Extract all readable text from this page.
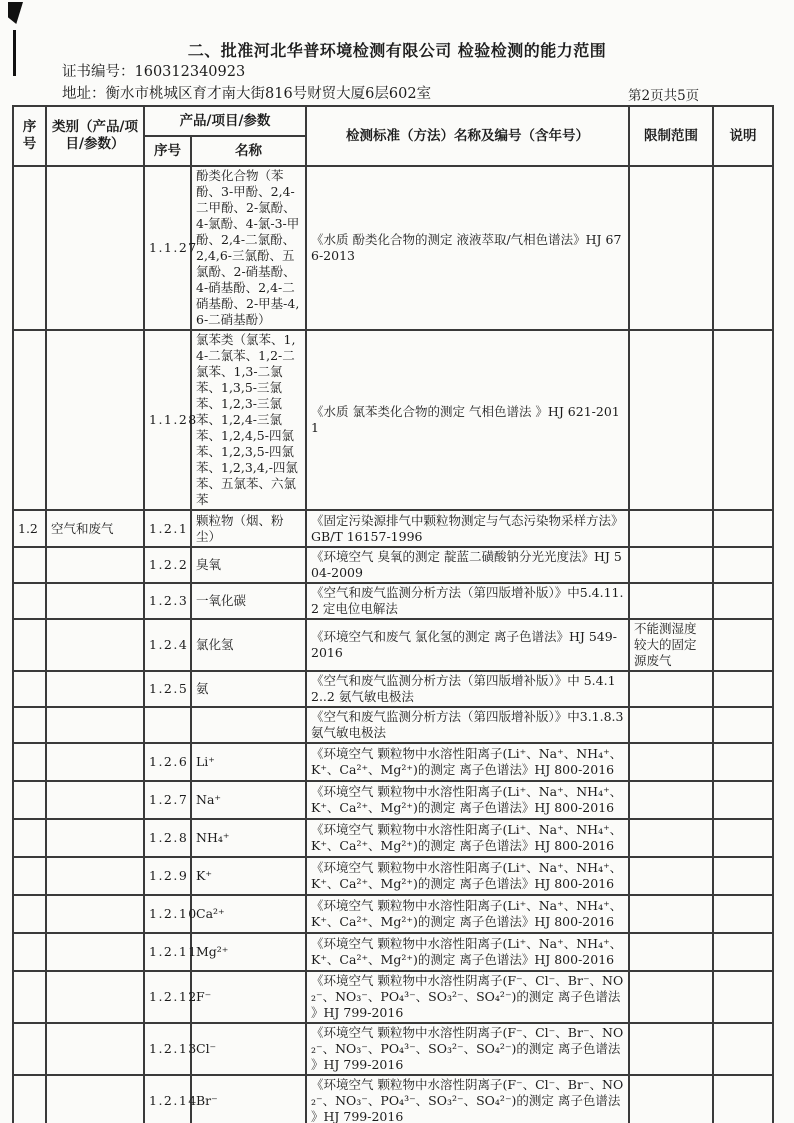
二、批准河北华普环境检测有限公司 检验检测的能力范围
证书编号：160312340923
地址：衡水市桃城区育才南大街816号财贸大厦6层602室	第2页共5页
序号	类别（产品/项目/参数）	产品/项目/参数		检测标准（方法）名称及编号（含年号）	限制范围	说明
		序号	名称			
		1.1.27	酚类化合物（苯酚、3-甲酚、2,4-二甲酚、2-氯酚、4-氯酚、4-氯-3-甲酚、2,4-二氯酚、2,4,6-三氯酚、五氯酚、2-硝基酚、4-硝基酚、2,4-二硝基酚、2-甲基-4,6-二硝基酚）	《水质 酚类化合物的测定 液液萃取/气相色谱法》HJ 676-2013		
		1.1.28	氯苯类（氯苯、1,4-二氯苯、1,2-二氯苯、1,3-二氯苯、1,3,5-三氯苯、1,2,3-三氯苯、1,2,4-三氯苯、1,2,4,5-四氯苯、1,2,3,5-四氯苯、1,2,3,4,-四氯苯、五氯苯、六氯苯	《水质 氯苯类化合物的测定 气相色谱法 》HJ 621-2011		
1.2	空气和废气	1.2.1	颗粒物（烟、粉尘）	《固定污染源排气中颗粒物测定与气态污染物采样方法》GB/T 16157-1996		
		1.2.2	臭氧	《环境空气 臭氧的测定 靛蓝二磺酸钠分光光度法》HJ 504-2009		
		1.2.3	一氧化碳	《空气和废气监测分析方法（第四版增补版）》中5.4.11.2 定电位电解法		
		1.2.4	氯化氢	《环境空气和废气 氯化氢的测定 离子色谱法》HJ 549-2016	不能测湿度较大的固定源废气	
		1.2.5	氨	《空气和废气监测分析方法（第四版增补版）》中 5.4.12..2 氨气敏电极法		
				《空气和废气监测分析方法（第四版增补版）》中3.1.8.3 氨气敏电极法		
		1.2.6	Li⁺	《环境空气 颗粒物中水溶性阳离子(Li⁺、Na⁺、NH₄⁺、K⁺、Ca²⁺、Mg²⁺)的测定 离子色谱法》HJ 800-2016		
		1.2.7	Na⁺	《环境空气 颗粒物中水溶性阳离子(Li⁺、Na⁺、NH₄⁺、K⁺、Ca²⁺、Mg²⁺)的测定 离子色谱法》HJ 800-2016		
		1.2.8	NH₄⁺	《环境空气 颗粒物中水溶性阳离子(Li⁺、Na⁺、NH₄⁺、K⁺、Ca²⁺、Mg²⁺)的测定 离子色谱法》HJ 800-2016		
		1.2.9	K⁺	《环境空气 颗粒物中水溶性阳离子(Li⁺、Na⁺、NH₄⁺、K⁺、Ca²⁺、Mg²⁺)的测定 离子色谱法》HJ 800-2016		
		1.2.10	Ca²⁺	《环境空气 颗粒物中水溶性阳离子(Li⁺、Na⁺、NH₄⁺、K⁺、Ca²⁺、Mg²⁺)的测定 离子色谱法》HJ 800-2016		
		1.2.11	Mg²⁺	《环境空气 颗粒物中水溶性阳离子(Li⁺、Na⁺、NH₄⁺、K⁺、Ca²⁺、Mg²⁺)的测定 离子色谱法》HJ 800-2016		
		1.2.12	F⁻	《环境空气 颗粒物中水溶性阴离子(F⁻、Cl⁻、Br⁻、NO₂⁻、NO₃⁻、PO₄³⁻、SO₃²⁻、SO₄²⁻)的测定 离子色谱法 》HJ 799-2016		
		1.2.13	Cl⁻	《环境空气 颗粒物中水溶性阴离子(F⁻、Cl⁻、Br⁻、NO₂⁻、NO₃⁻、PO₄³⁻、SO₃²⁻、SO₄²⁻)的测定 离子色谱法 》HJ 799-2016		
		1.2.14	Br⁻	《环境空气 颗粒物中水溶性阴离子(F⁻、Cl⁻、Br⁻、NO₂⁻、NO₃⁻、PO₄³⁻、SO₃²⁻、SO₄²⁻)的测定 离子色谱法 》HJ 799-2016		
